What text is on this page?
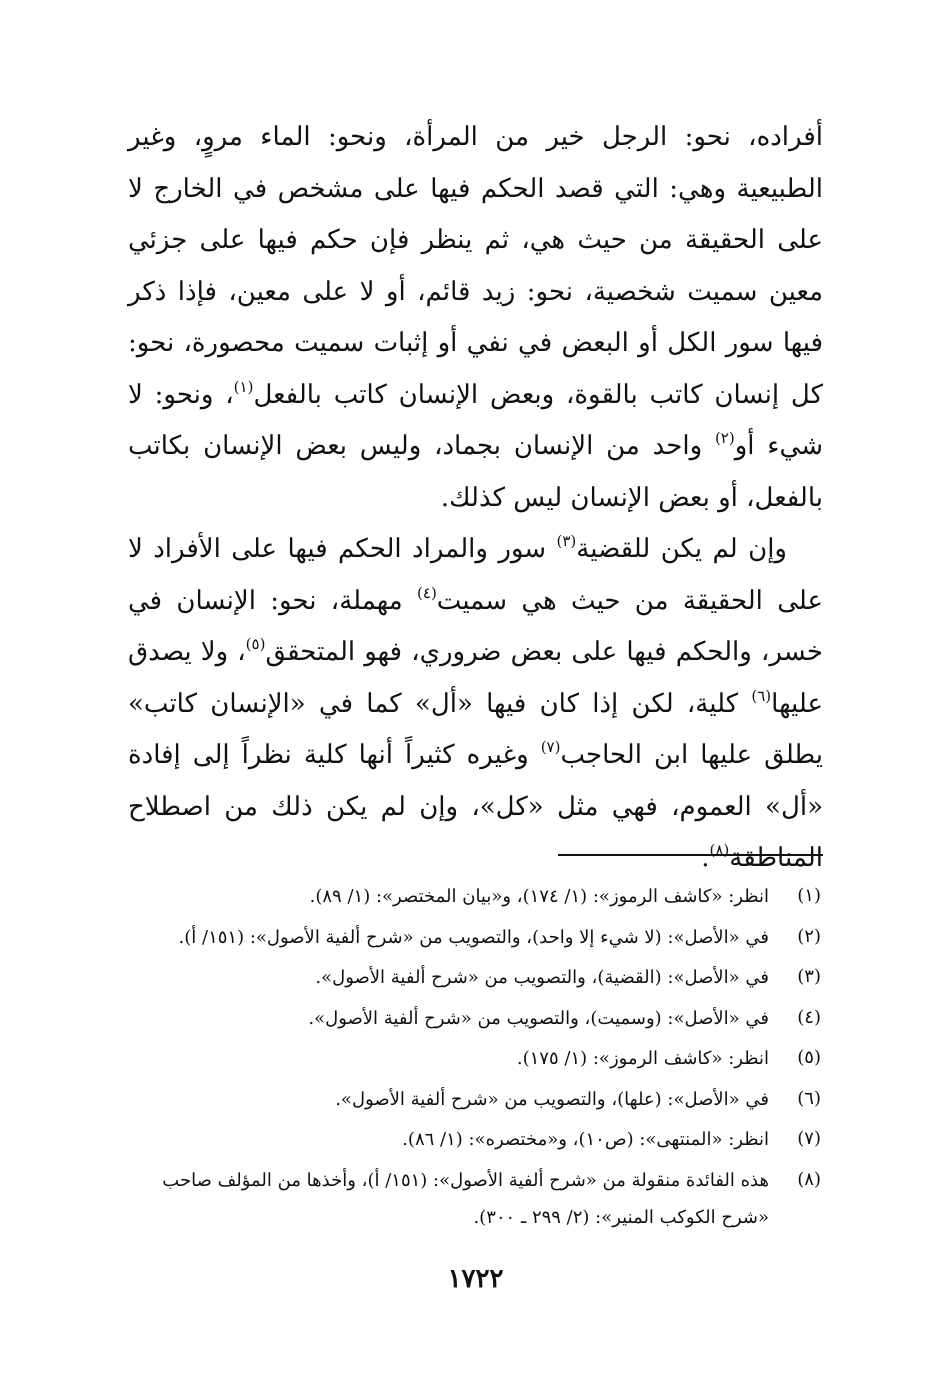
أفراده، نحو: الرجل خير من المرأة، ونحو: الماء مروٍ، وغير الطبيعية وهي: التي قصد الحكم فيها على مشخص في الخارج لا على الحقيقة من حيث هي، ثم ينظر فإن حكم فيها على جزئي معين سميت شخصية، نحو: زيد قائم، أو لا على معين، فإذا ذكر فيها سور الكل أو البعض في نفي أو إثبات سميت محصورة، نحو: كل إنسان كاتب بالقوة، وبعض الإنسان كاتب بالفعل$^{(١)}$، ونحو: لا شيء أو$^{(٢)}$ واحد من الإنسان بجماد، وليس بعض الإنسان بكاتب بالفعل، أو بعض الإنسان ليس كذلك.

وإن لم يكن للقضية$^{(٣)}$ سور والمراد الحكم فيها على الأفراد لا على الحقيقة من حيث هي سميت$^{(٤)}$ مهملة، نحو: الإنسان في خسر، والحكم فيها على بعض ضروري، فهو المتحقق$^{(٥)}$، ولا يصدق عليها$^{(٦)}$ كلية، لكن إذا كان فيها «أل» كما في «الإنسان كاتب» يطلق عليها ابن الحاجب$^{(٧)}$ وغيره كثيراً أنها كلية نظراً إلى إفادة «أل» العموم، فهي مثل «كل»، وإن لم يكن ذلك من اصطلاح المناطقة$^{(٨)}$.

(١)
انظر: «كاشف الرموز»: (١/ ١٧٤)، و«بيان المختصر»: (١/ ٨٩).
(٢)
في «الأصل»: (لا شيء إلا واحد)، والتصويب من «شرح ألفية الأصول»: (١٥١/ أ).
(٣)
في «الأصل»: (القضية)، والتصويب من «شرح ألفية الأصول».
(٤)
في «الأصل»: (وسميت)، والتصويب من «شرح ألفية الأصول».
(٥)
انظر: «كاشف الرموز»: (١/ ١٧٥).
(٦)
في «الأصل»: (علها)، والتصويب من «شرح ألفية الأصول».
(٧)
انظر: «المنتهى»: (ص١٠)، و«مختصره»: (١/ ٨٦).
(٨)
هذه الفائدة منقولة من «شرح ألفية الأصول»: (١٥١/ أ)، وأخذها من المؤلف صاحب «شرح الكوكب المنير»: (٢/ ٢٩٩ ـ ٣٠٠).
١٧٢٢
